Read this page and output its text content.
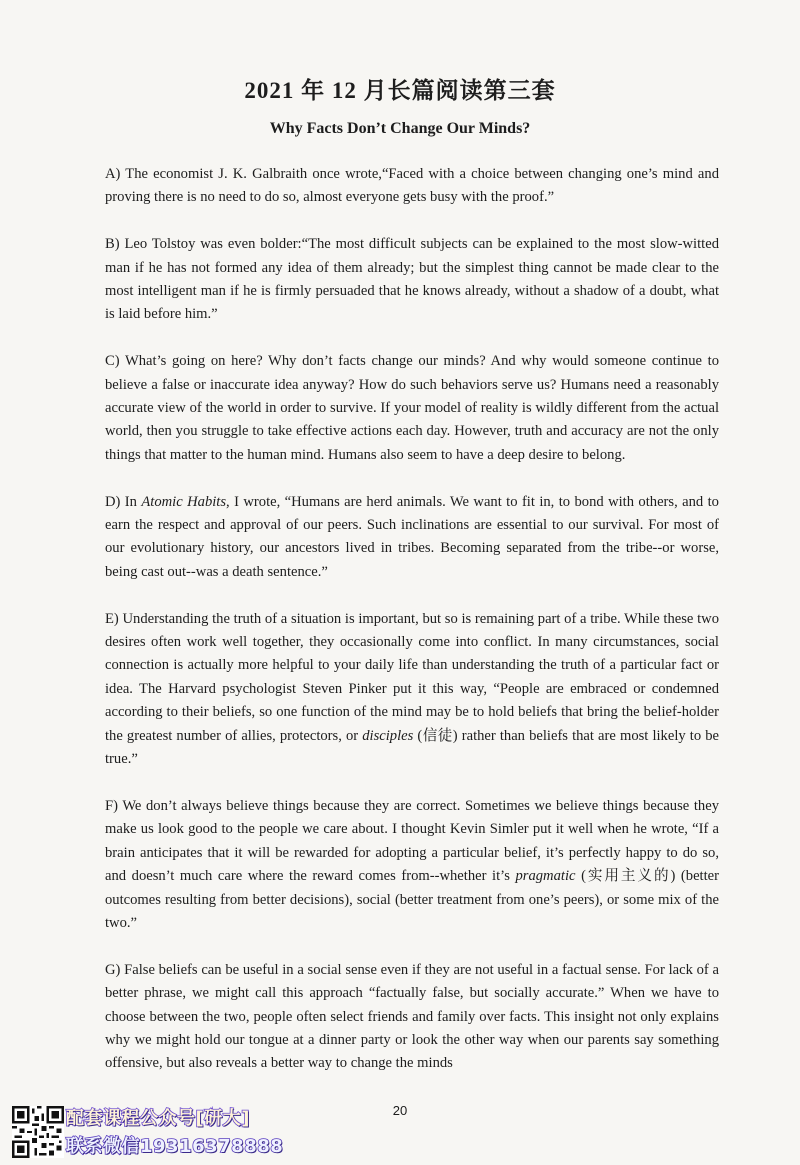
2021 年 12 月长篇阅读第三套
Why Facts Don’t Change Our Minds?

A) The economist J. K. Galbraith once wrote,“Faced with a choice between changing one’s mind and proving there is no need to do so, almost everyone gets busy with the proof.”

B) Leo Tolstoy was even bolder:“The most difficult subjects can be explained to the most slow-witted man if he has not formed any idea of them already; but the simplest thing cannot be made clear to the most intelligent man if he is firmly persuaded that he knows already, without a shadow of a doubt, what is laid before him.”

C) What’s going on here? Why don’t facts change our minds? And why would someone continue to believe a false or inaccurate idea anyway? How do such behaviors serve us? Humans need a reasonably accurate view of the world in order to survive. If your model of reality is wildly different from the actual world, then you struggle to take effective actions each day. However, truth and accuracy are not the only things that matter to the human mind. Humans also seem to have a deep desire to belong.

D) In Atomic Habits, I wrote, “Humans are herd animals. We want to fit in, to bond with others, and to earn the respect and approval of our peers. Such inclinations are essential to our survival. For most of our evolutionary history, our ancestors lived in tribes. Becoming separated from the tribe--or worse, being cast out--was a death sentence.”

E) Understanding the truth of a situation is important, but so is remaining part of a tribe. While these two desires often work well together, they occasionally come into conflict. In many circumstances, social connection is actually more helpful to your daily life than understanding the truth of a particular fact or idea. The Harvard psychologist Steven Pinker put it this way, “People are embraced or condemned according to their beliefs, so one function of the mind may be to hold beliefs that bring the belief-holder the greatest number of allies, protectors, or disciples (信徒) rather than beliefs that are most likely to be true.”

F) We don’t always believe things because they are correct. Sometimes we believe things because they make us look good to the people we care about. I thought Kevin Simler put it well when he wrote, “If a brain anticipates that it will be rewarded for adopting a particular belief, it’s perfectly happy to do so, and doesn’t much care where the reward comes from--whether it’s pragmatic (实用主义的) (better outcomes resulting from better decisions), social (better treatment from one’s peers), or some mix of the two.”

G) False beliefs can be useful in a social sense even if they are not useful in a factual sense. For lack of a better phrase, we might call this approach “factually false, but socially accurate.” When we have to choose between the two, people often select friends and family over facts. This insight not only explains why we might hold our tongue at a dinner party or look the other way when our parents say something offensive, but also reveals a better way to change the minds

20
配套课程公众号[研大]
联系微信19316378888
